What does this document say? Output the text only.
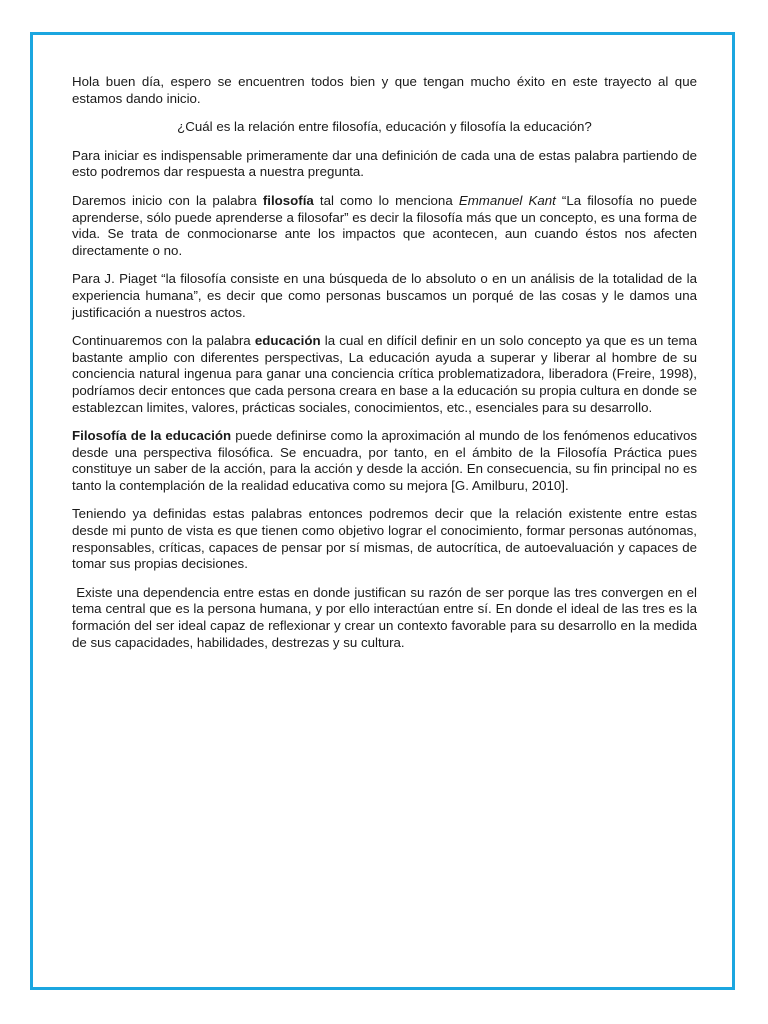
Hola buen día, espero se encuentren todos bien y que tengan mucho éxito en este trayecto al que estamos dando inicio.

¿Cuál es la relación entre filosofía, educación y filosofía la educación?

Para iniciar es indispensable primeramente dar una definición de cada una de estas palabra partiendo de esto podremos dar respuesta a nuestra pregunta.

Daremos inicio con la palabra filosofía tal como lo menciona Emmanuel Kant “La filosofía no puede aprenderse, sólo puede aprenderse a filosofar” es decir la filosofía más que un concepto, es una forma de vida. Se trata de conmocionarse ante los impactos que acontecen, aun cuando éstos nos afecten directamente o no.

Para J. Piaget “la filosofía consiste en una búsqueda de lo absoluto o en un análisis de la totalidad de la experiencia humana”, es decir que como personas buscamos un porqué de las cosas y le damos una justificación a nuestros actos.

Continuaremos con la palabra educación la cual en difícil definir en un solo concepto ya que es un tema bastante amplio con diferentes perspectivas, La educación ayuda a superar y liberar al hombre de su conciencia natural ingenua para ganar una conciencia crítica problematizadora, liberadora (Freire, 1998), podríamos decir entonces que cada persona creara en base a la educación su propia cultura en donde se establezcan limites, valores, prácticas sociales, conocimientos, etc., esenciales para su desarrollo.

Filosofía de la educación puede definirse como la aproximación al mundo de los fenómenos educativos desde una perspectiva filosófica. Se encuadra, por tanto, en el ámbito de la Filosofía Práctica pues constituye un saber de la acción, para la acción y desde la acción. En consecuencia, su fin principal no es tanto la contemplación de la realidad educativa como su mejora [G. Amilburu, 2010].

Teniendo ya definidas estas palabras entonces podremos decir que la relación existente entre estas desde mi punto de vista es que tienen como objetivo lograr el conocimiento, formar personas autónomas, responsables, críticas, capaces de pensar por sí mismas, de autocrítica, de autoevaluación y capaces de tomar sus propias decisiones.

Existe una dependencia entre estas en donde justifican su razón de ser porque las tres convergen en el tema central que es la persona humana, y por ello interactúan entre sí. En donde el ideal de las tres es la formación del ser ideal capaz de reflexionar y crear un contexto favorable para su desarrollo en la medida de sus capacidades, habilidades, destrezas y su cultura.
